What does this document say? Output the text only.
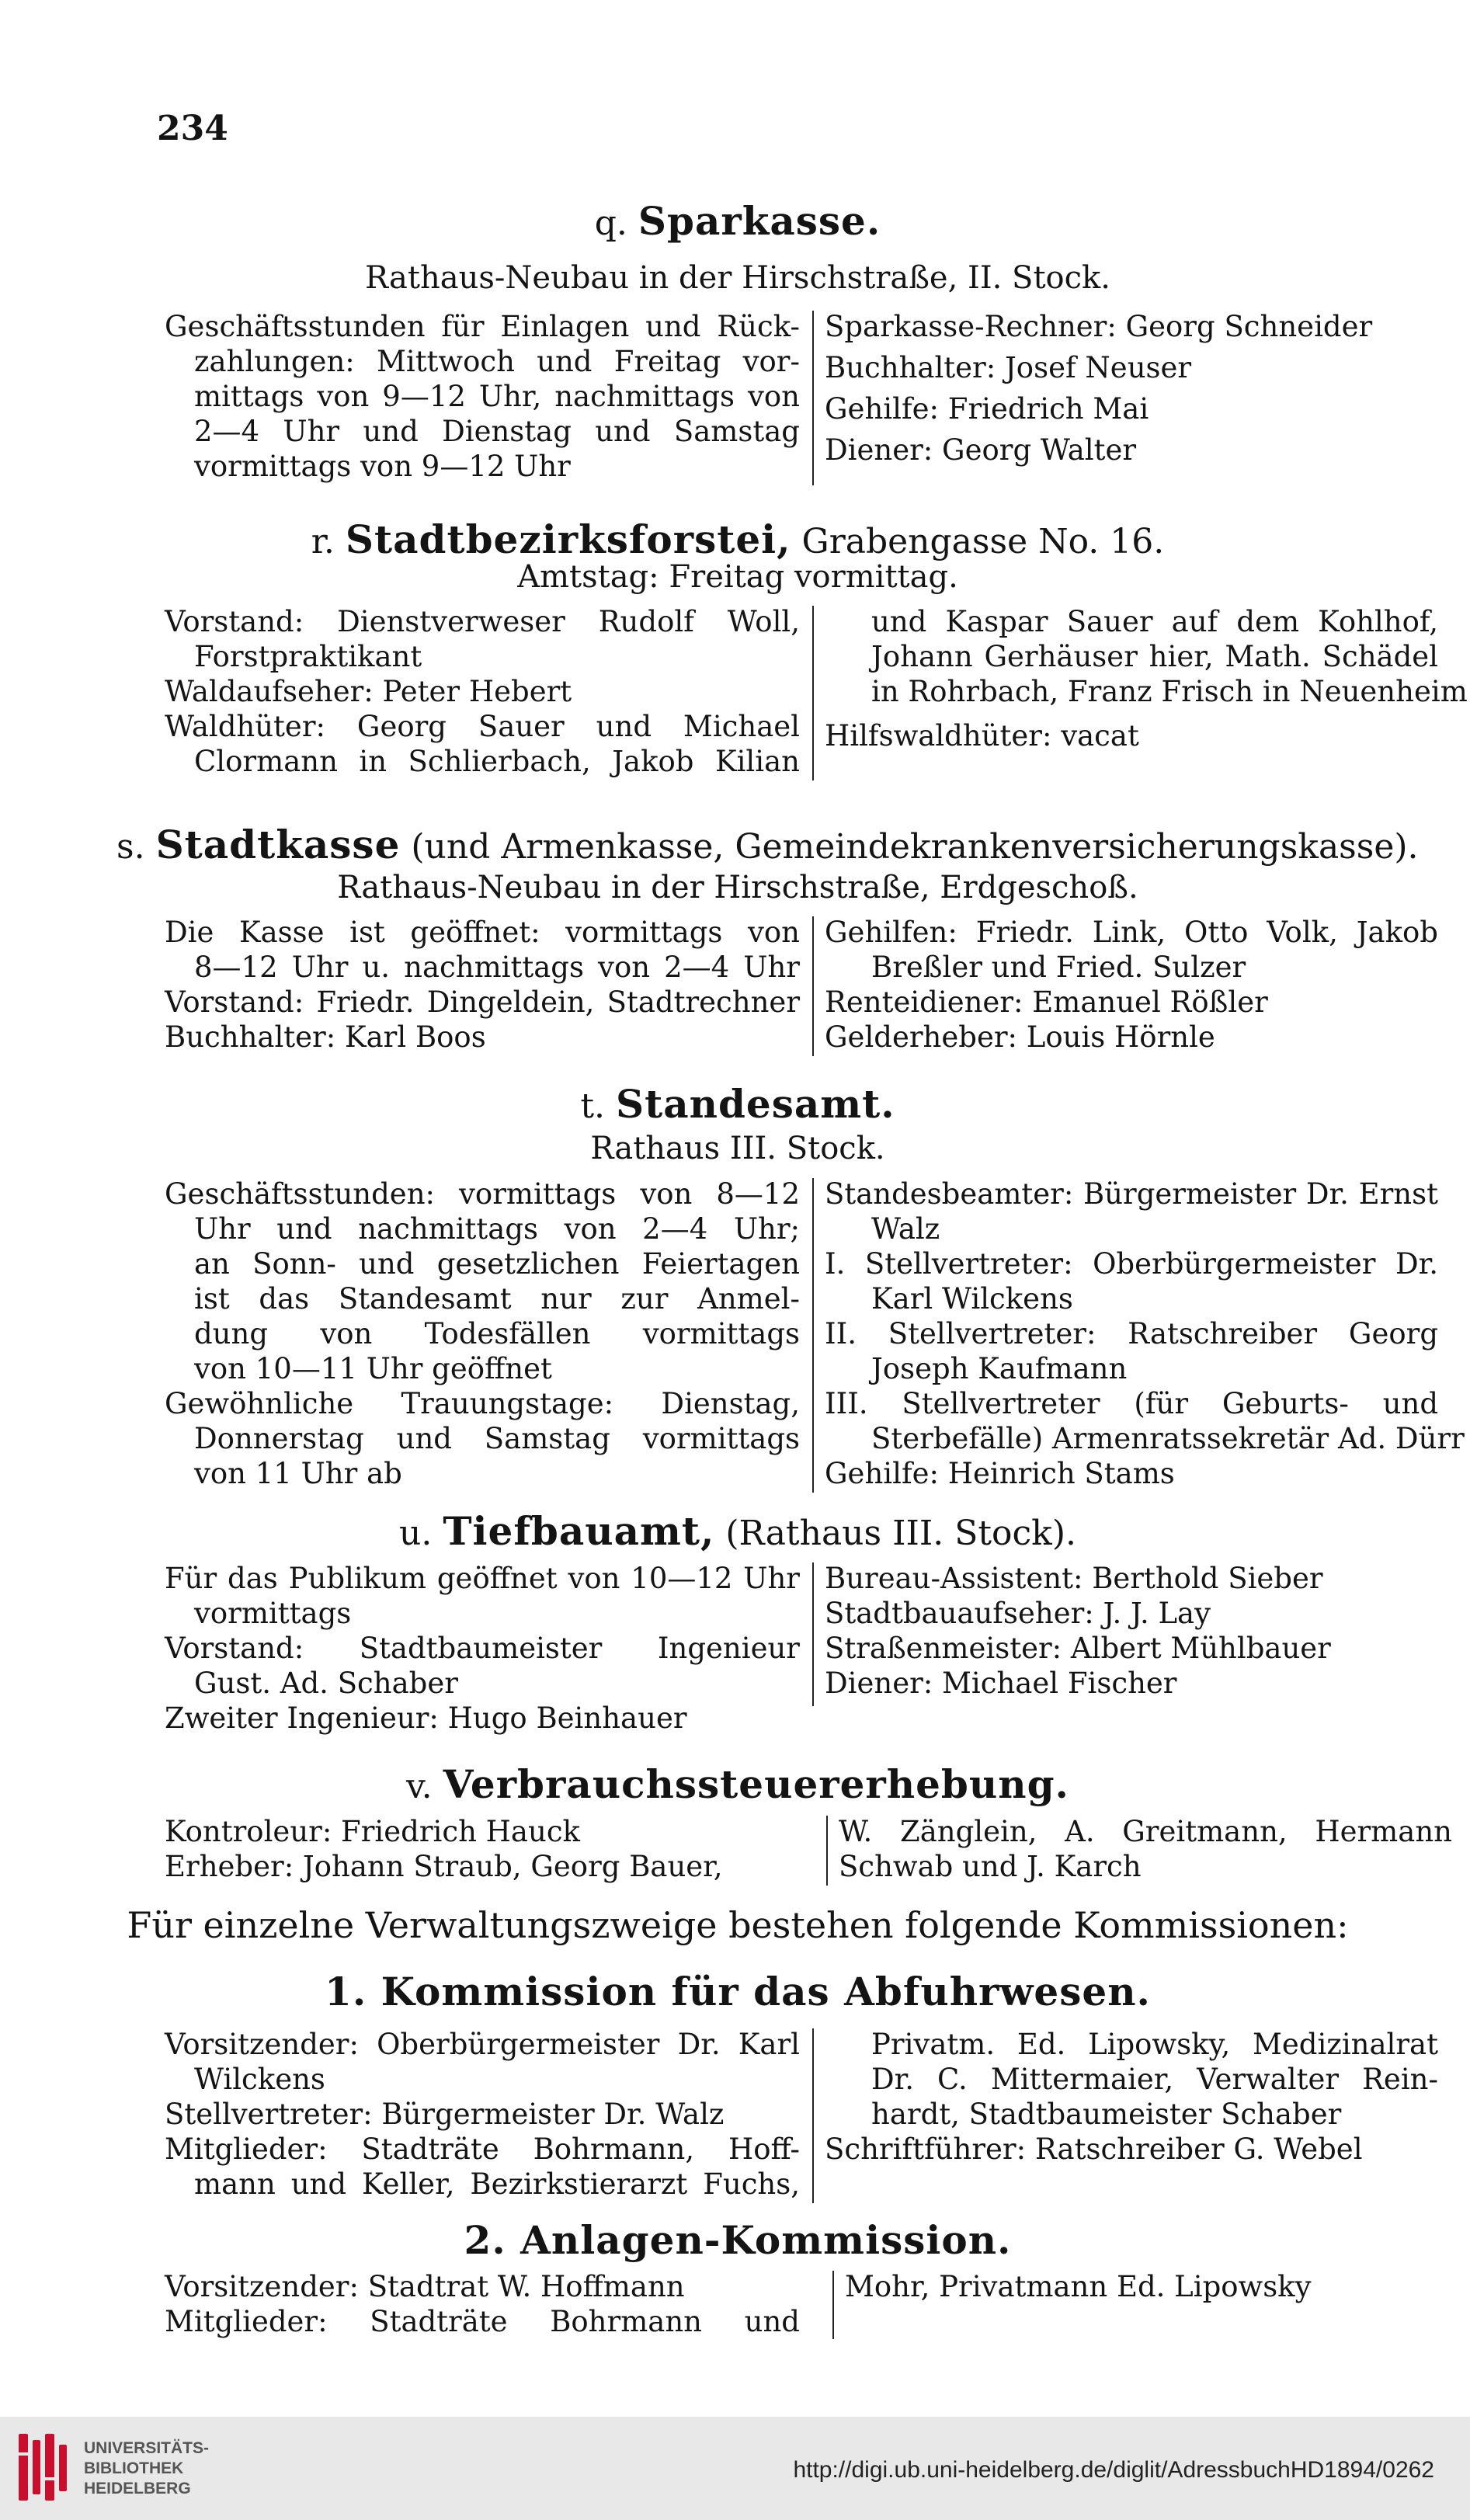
234
q. Sparkasse.
Rathaus-Neubau in der Hirschstraße, II. Stock.
Geschäftsstunden für Einlagen und Rück-
zahlungen: Mittwoch und Freitag vor-
mittags von 9—12 Uhr, nachmittags von
2—4 Uhr und Dienstag und Samstag
vormittags von 9—12 Uhr
Sparkasse-Rechner: Georg Schneider
Buchhalter: Josef Neuser
Gehilfe: Friedrich Mai
Diener: Georg Walter
r. Stadtbezirksforstei, Grabengasse No. 16.
Amtstag: Freitag vormittag.
Vorstand: Dienstverweser Rudolf Woll,
Forstpraktikant
Waldaufseher: Peter Hebert
Waldhüter: Georg Sauer und Michael
Clormann in Schlierbach, Jakob Kilian
und Kaspar Sauer auf dem Kohlhof,
Johann Gerhäuser hier, Math. Schädel
in Rohrbach, Franz Frisch in Neuenheim
Hilfswaldhüter: vacat
s. Stadtkasse (und Armenkasse, Gemeindekrankenversicherungskasse).
Rathaus-Neubau in der Hirschstraße, Erdgeschoß.
Die Kasse ist geöffnet: vormittags von
8—12 Uhr u. nachmittags von 2—4 Uhr
Vorstand: Friedr. Dingeldein, Stadtrechner
Buchhalter: Karl Boos
Gehilfen: Friedr. Link, Otto Volk, Jakob
Breßler und Fried. Sulzer
Renteidiener: Emanuel Rößler
Gelderheber: Louis Hörnle
t. Standesamt.
Rathaus III. Stock.
Geschäftsstunden: vormittags von 8—12
Uhr und nachmittags von 2—4 Uhr;
an Sonn- und gesetzlichen Feiertagen
ist das Standesamt nur zur Anmel-
dung von Todesfällen vormittags
von 10—11 Uhr geöffnet
Gewöhnliche Trauungstage: Dienstag,
Donnerstag und Samstag vormittags
von 11 Uhr ab
Standesbeamter: Bürgermeister Dr. Ernst
Walz
I. Stellvertreter: Oberbürgermeister Dr.
Karl Wilckens
II. Stellvertreter: Ratschreiber Georg
Joseph Kaufmann
III. Stellvertreter (für Geburts- und
Sterbefälle) Armenratssekretär Ad. Dürr
Gehilfe: Heinrich Stams
u. Tiefbauamt, (Rathaus III. Stock).
Für das Publikum geöffnet von 10—12 Uhr
vormittags
Vorstand: Stadtbaumeister Ingenieur
Gust. Ad. Schaber
Zweiter Ingenieur: Hugo Beinhauer
Bureau-Assistent: Berthold Sieber
Stadtbauaufseher: J. J. Lay
Straßenmeister: Albert Mühlbauer
Diener: Michael Fischer
v. Verbrauchssteuererhebung.
Kontroleur: Friedrich Hauck
Erheber: Johann Straub, Georg Bauer,
W. Zänglein, A. Greitmann, Hermann
Schwab und J. Karch
Für einzelne Verwaltungszweige bestehen folgende Kommissionen:
1. Kommission für das Abfuhrwesen.
Vorsitzender: Oberbürgermeister Dr. Karl
Wilckens
Stellvertreter: Bürgermeister Dr. Walz
Mitglieder: Stadträte Bohrmann, Hoff-
mann und Keller, Bezirkstierarzt Fuchs,
Privatm. Ed. Lipowsky, Medizinalrat
Dr. C. Mittermaier, Verwalter Rein-
hardt, Stadtbaumeister Schaber
Schriftführer: Ratschreiber G. Webel
2. Anlagen-Kommission.
Vorsitzender: Stadtrat W. Hoffmann
Mitglieder: Stadträte Bohrmann und
Mohr, Privatmann Ed. Lipowsky
UNIVERSITÄTS-
BIBLIOTHEK
HEIDELBERG
http://digi.ub.uni-heidelberg.de/diglit/AdressbuchHD1894/0262
